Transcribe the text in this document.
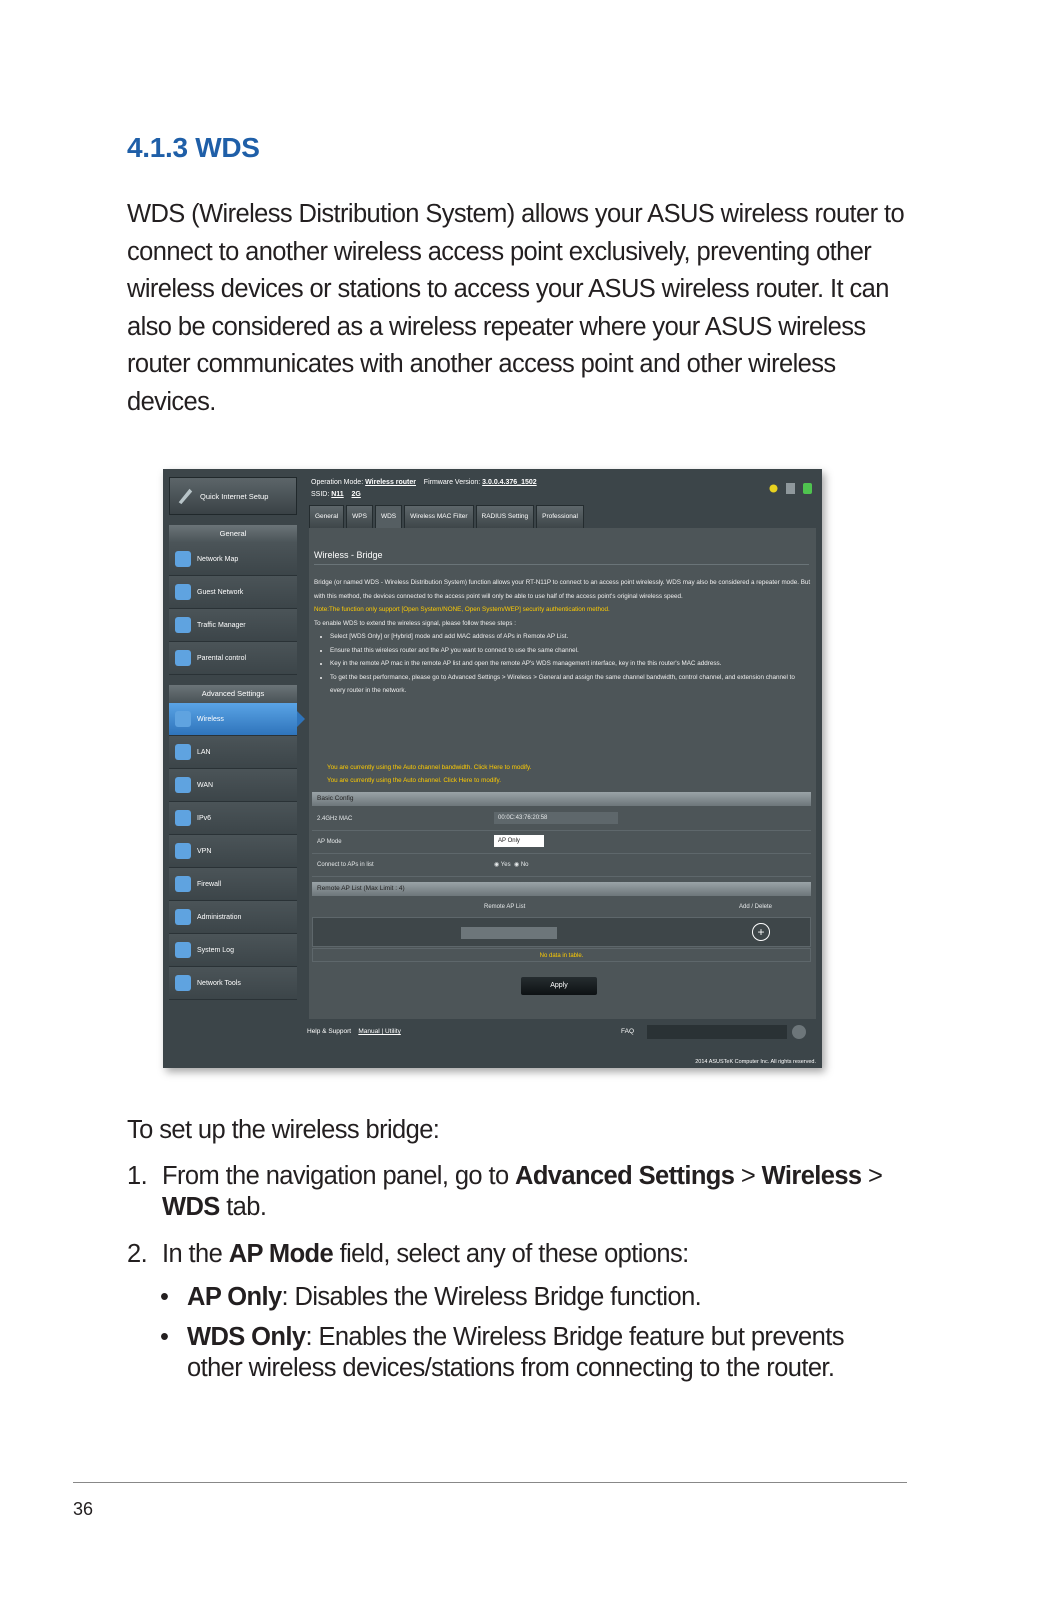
4.1.3 WDS

WDS (Wireless Distribution System) allows your ASUS wireless router to connect to another wireless access point exclusively, preventing other wireless devices or stations to access your ASUS wireless router. It can also be considered as a wireless repeater where your ASUS wireless router communicates with another access point and other wireless devices.

Quick Internet Setup
General
Network Map
Guest Network
Traffic Manager
Parental control
Advanced Settings
Wireless
LAN
WAN
IPv6
VPN
Firewall
Administration
System Log
Network Tools
Operation Mode: Wireless router Firmware Version: 3.0.0.4.376_1502
SSID: N11 2G
General	WPS	WDS	Wireless MAC Filter	RADIUS Setting	Professional
Wireless - Bridge
Bridge (or named WDS - Wireless Distribution System) function allows your RT-N11P to connect to an access point wirelessly. WDS may also be considered a repeater mode. But with this method, the devices connected to the access point will only be able to use half of the access point's original wireless speed.
Note:The function only support [Open System/NONE, Open System/WEP] security authentication method.
To enable WDS to extend the wireless signal, please follow these steps :
• Select [WDS Only] or [Hybrid] mode and add MAC address of APs in Remote AP List.
• Ensure that this wireless router and the AP you want to connect to use the same channel.
• Key in the remote AP mac in the remote AP list and open the remote AP's WDS management interface, key in the this router's MAC address.
• To get the best performance, please go to Advanced Settings > Wireless > General and assign the same channel bandwidth, control channel, and extension channel to every router in the network.
You are currently using the Auto channel bandwidth. Click Here to modify.
You are currently using the Auto channel. Click Here to modify.
Basic Config
2.4GHz MAC	00:0C:43:76:20:58
AP Mode	AP Only
Connect to APs in list	◉ Yes ◉ No
Remote AP List (Max Limit : 4)
Remote AP List	Add / Delete
+
No data in table.
Apply
Help & Support Manual | Utility	FAQ
2014 ASUSTeK Computer Inc. All rights reserved.

To set up the wireless bridge:

1. From the navigation panel, go to Advanced Settings > Wireless > WDS tab.
2. In the AP Mode field, select any of these options:
• AP Only: Disables the Wireless Bridge function.
• WDS Only: Enables the Wireless Bridge feature but prevents other wireless devices/stations from connecting to the router.
36
